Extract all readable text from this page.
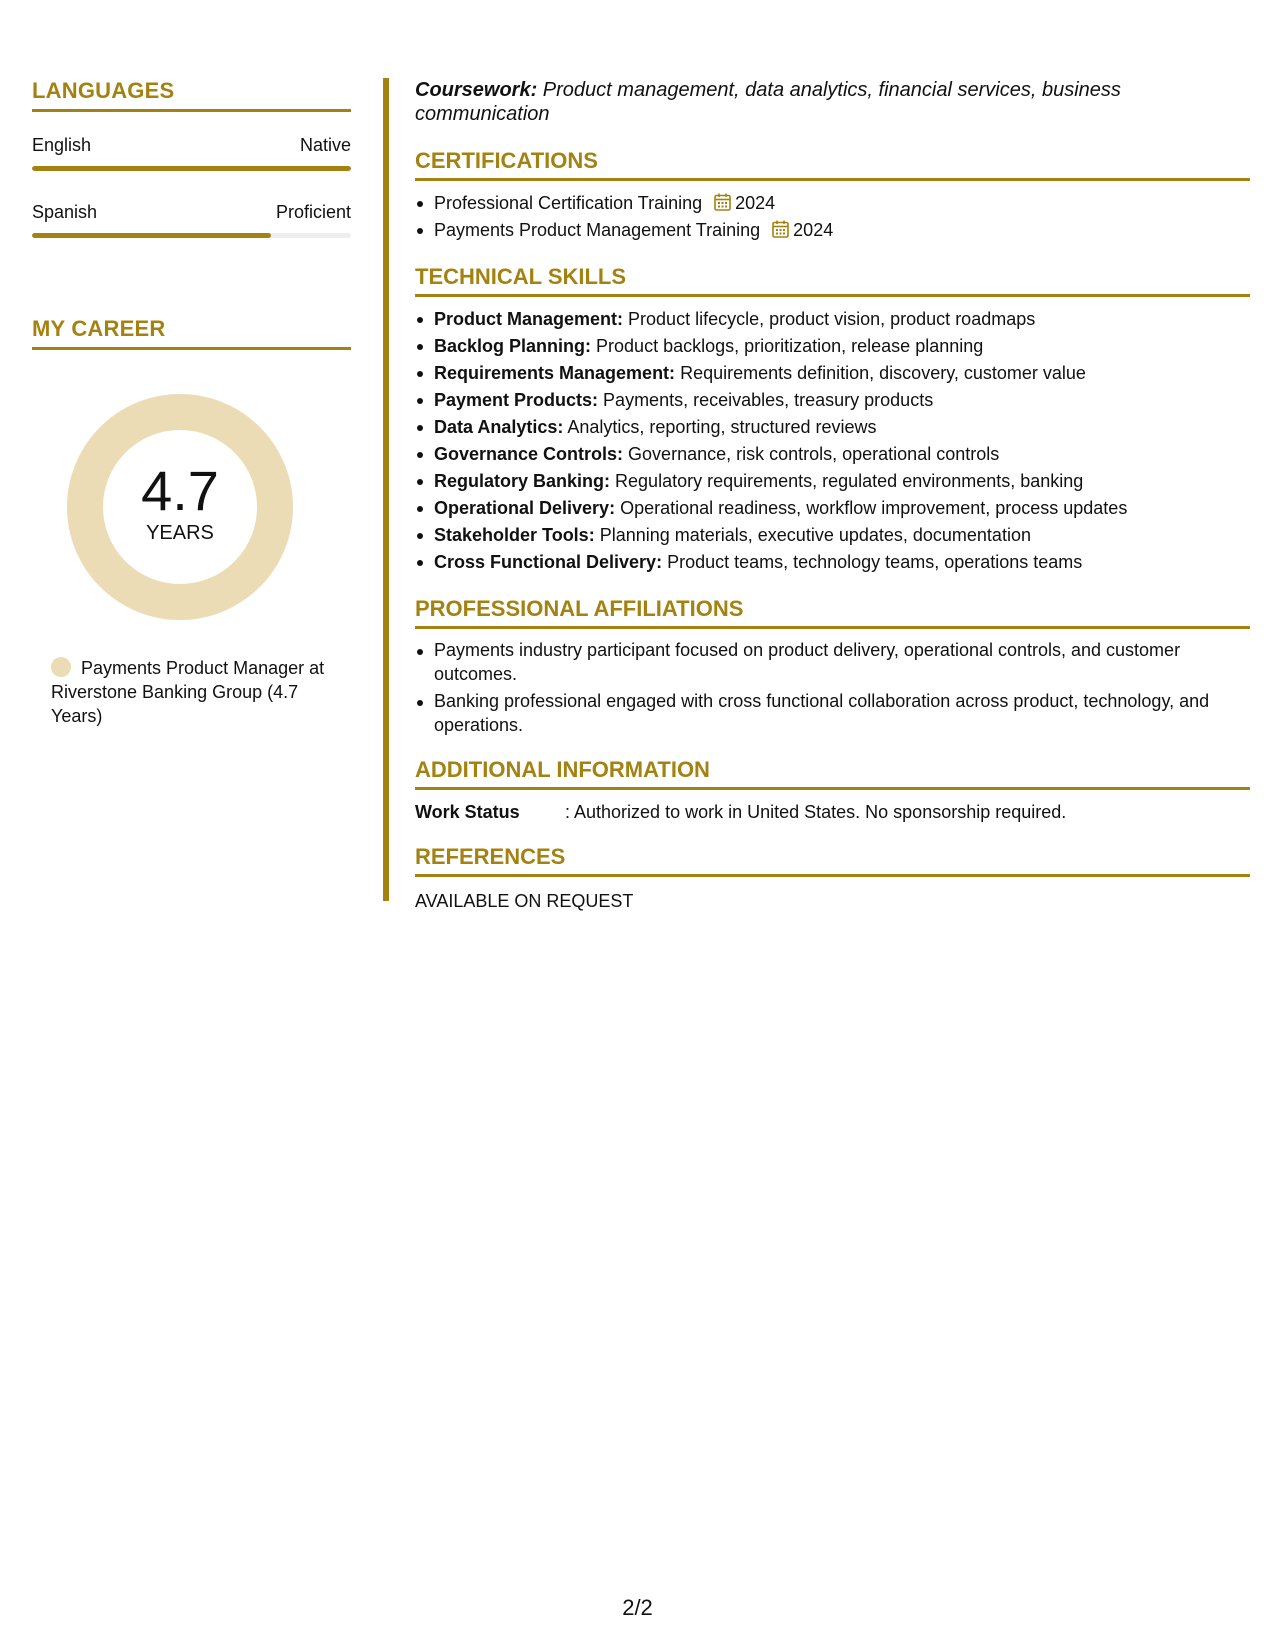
LANGUAGES
English	Native
Spanish	Proficient
MY CAREER
4.7
YEARS
Payments Product Manager at Riverstone Banking Group (4.7 Years)

Coursework: Product management, data analytics, financial services, business communication

CERTIFICATIONS
Professional Certification Training 2024
Payments Product Management Training 2024
TECHNICAL SKILLS
Product Management: Product lifecycle, product vision, product roadmaps
Backlog Planning: Product backlogs, prioritization, release planning
Requirements Management: Requirements definition, discovery, customer value
Payment Products: Payments, receivables, treasury products
Data Analytics: Analytics, reporting, structured reviews
Governance Controls: Governance, risk controls, operational controls
Regulatory Banking: Regulatory requirements, regulated environments, banking
Operational Delivery: Operational readiness, workflow improvement, process updates
Stakeholder Tools: Planning materials, executive updates, documentation
Cross Functional Delivery: Product teams, technology teams, operations teams
PROFESSIONAL AFFILIATIONS
Payments industry participant focused on product delivery, operational controls, and customer outcomes.
Banking professional engaged with cross functional collaboration across product, technology, and operations.
ADDITIONAL INFORMATION
Work Status	: Authorized to work in United States. No sponsorship required.
REFERENCES
AVAILABLE ON REQUEST
2/2
